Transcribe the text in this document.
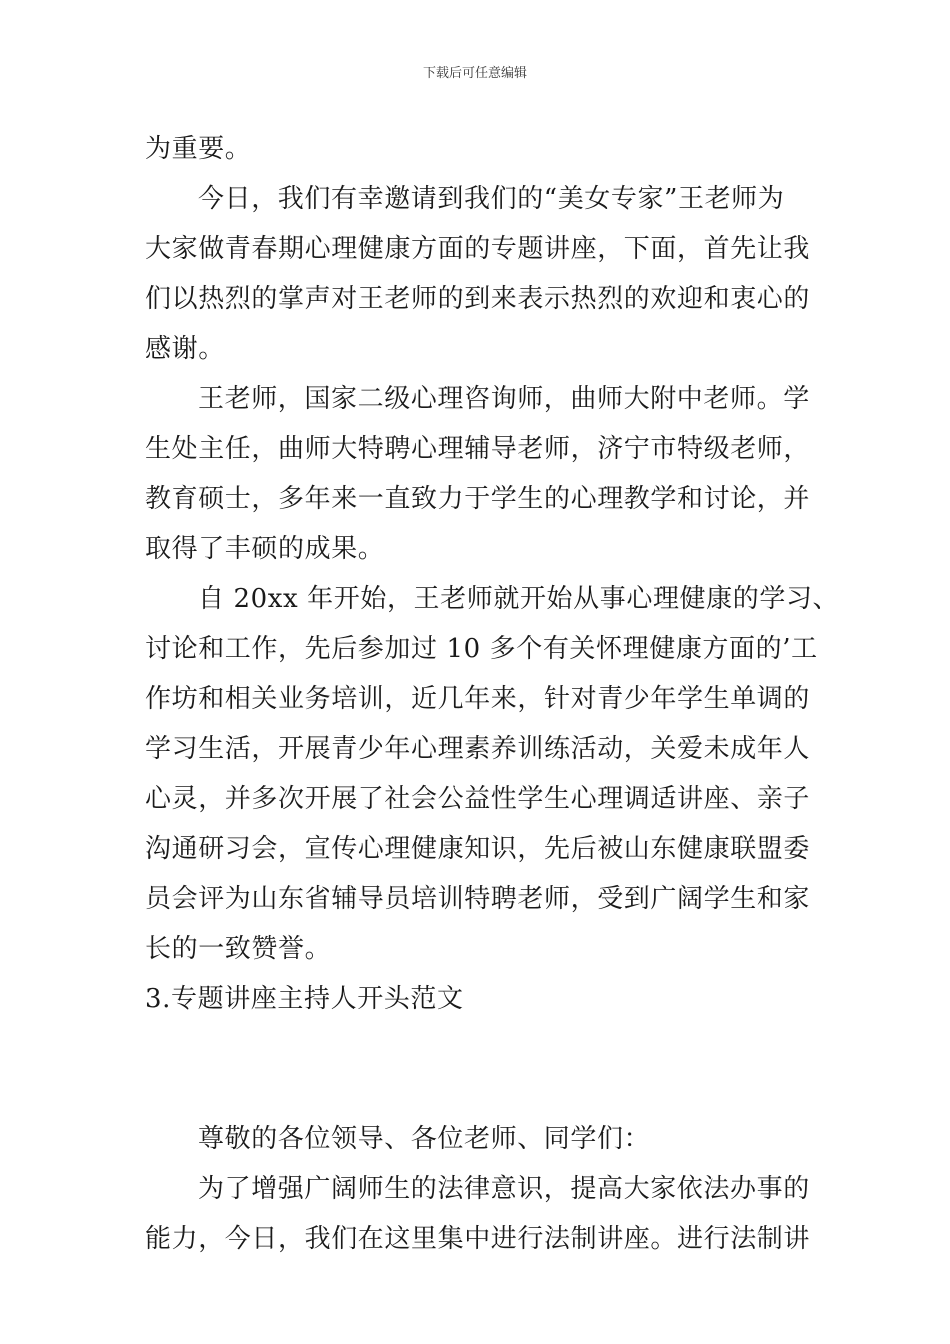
下载后可任意编辑
为重要。
今日，我们有幸邀请到我们的“美女专家”王老师为
大家做青春期心理健康方面的专题讲座，下面，首先让我
们以热烈的掌声对王老师的到来表示热烈的欢迎和衷心的
感谢。
王老师，国家二级心理咨询师，曲师大附中老师。学
生处主任，曲师大特聘心理辅导老师，济宁市特级老师，
教育硕士，多年来一直致力于学生的心理教学和讨论，并
取得了丰硕的成果。
自 20xx 年开始，王老师就开始从事心理健康的学习、
讨论和工作，先后参加过 10 多个有关怀理健康方面的’工
作坊和相关业务培训，近几年来，针对青少年学生单调的
学习生活，开展青少年心理素养训练活动，关爱未成年人
心灵，并多次开展了社会公益性学生心理调适讲座、亲子
沟通研习会，宣传心理健康知识，先后被山东健康联盟委
员会评为山东省辅导员培训特聘老师，受到广阔学生和家
长的一致赞誉。
3.专题讲座主持人开头范文
尊敬的各位领导、各位老师、同学们：
为了增强广阔师生的法律意识，提高大家依法办事的
能力，今日，我们在这里集中进行法制讲座。进行法制讲
